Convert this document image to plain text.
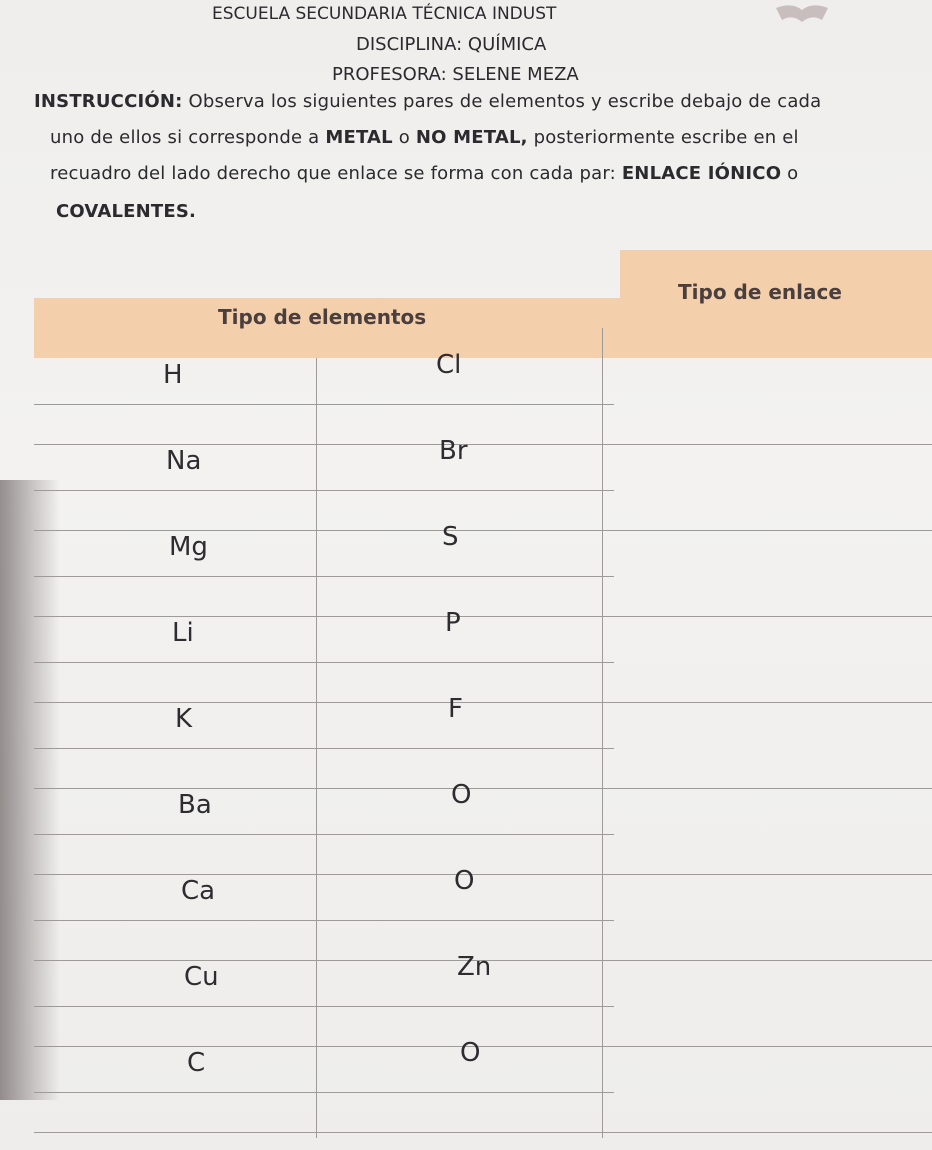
ESCUELA SECUNDARIA TÉCNICA INDUST
DISCIPLINA: QUÍMICA
PROFESORA: SELENE MEZA
INSTRUCCIÓN: Observa los siguientes pares de elementos y escribe debajo de cada
uno de ellos si corresponde a METAL o NO METAL, posteriormente escribe en el
recuadro del lado derecho que enlace se forma con cada par: ENLACE IÓNICO o
COVALENTES.
Tipo de elementos
Tipo de enlace
H	Cl
Na	Br
Mg	S
Li	P
K	F
Ba	O
Ca	O
Cu	Zn
C	O
